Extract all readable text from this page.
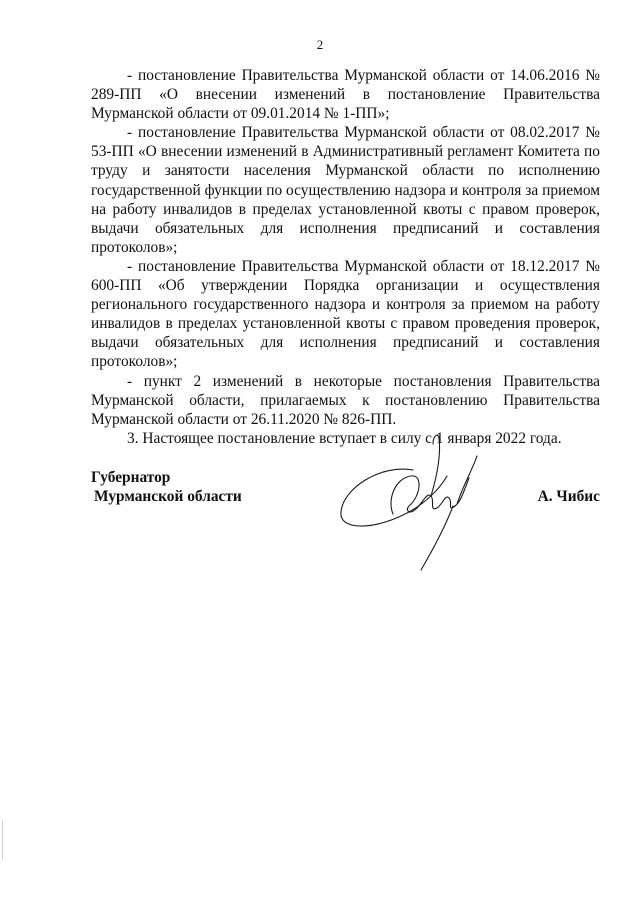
2

- постановление Правительства Мурманской области от 14.06.2016 № 289-ПП «О внесении изменений в постановление Правительства Мурманской области от 09.01.2014 № 1-ПП»;

- постановление Правительства Мурманской области от 08.02.2017 № 53-ПП «О внесении изменений в Административный регламент Комитета по труду и занятости населения Мурманской области по исполнению государственной функции по осуществлению надзора и контроля за приемом на работу инвалидов в пределах установленной квоты с правом проверок, выдачи обязательных для исполнения предписаний и составления протоколов»;

- постановление Правительства Мурманской области от 18.12.2017 № 600-ПП «Об утверждении Порядка организации и осуществления регионального государственного надзора и контроля за приемом на работу инвалидов в пределах установленной квоты с правом проведения проверок, выдачи обязательных для исполнения предписаний и составления протоколов»;

- пункт 2 изменений в некоторые постановления Правительства Мурманской области, прилагаемых к постановлению Правительства Мурманской области от 26.11.2020 № 826-ПП.

3. Настоящее постановление вступает в силу с 1 января 2022 года.

Губернатор
Мурманской области	А. Чибис
